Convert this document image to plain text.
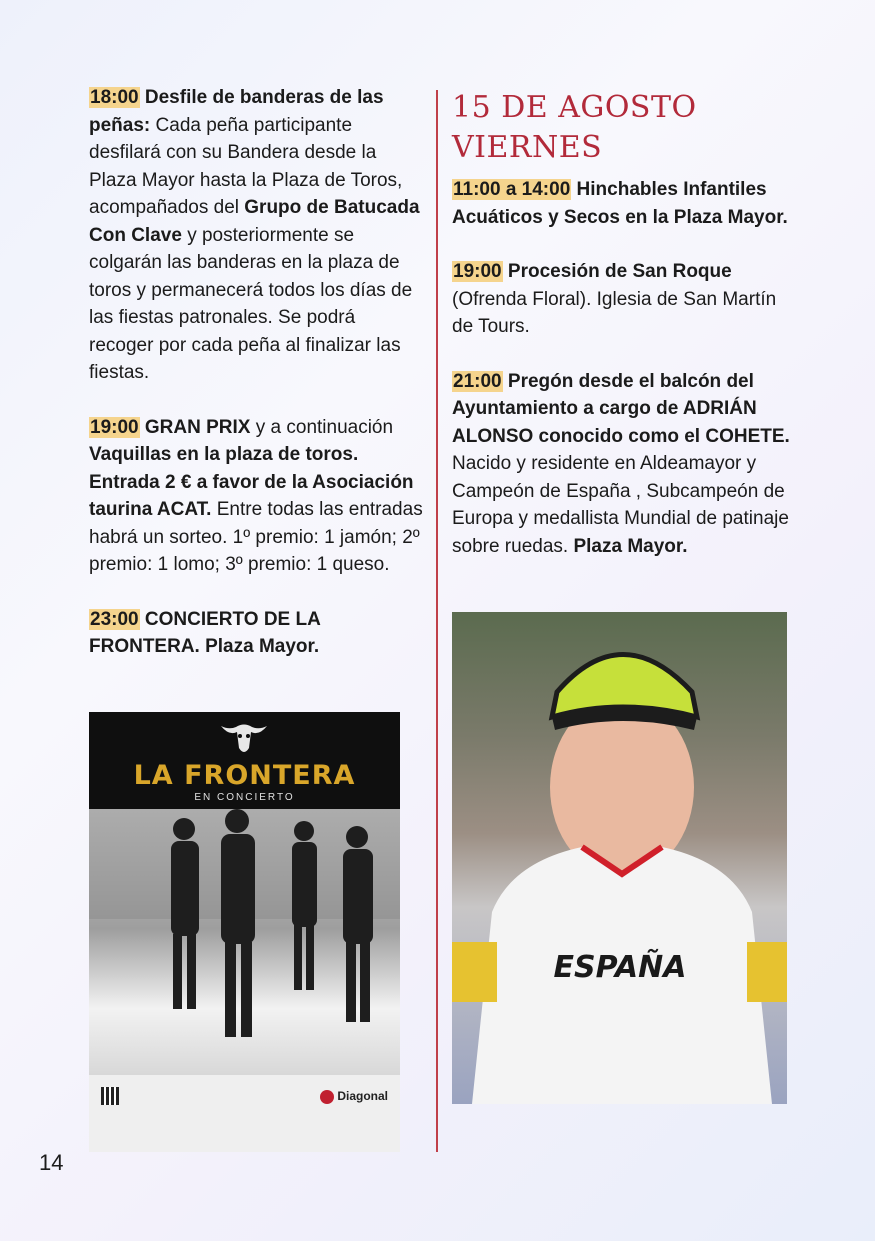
18:00 Desfile de banderas de las peñas: Cada peña participante desfilará con su Bandera desde la Plaza Mayor hasta la Plaza de Toros, acompañados del Grupo de Batucada Con Clave y posteriormente se colgarán las banderas en la plaza de toros y permanecerá todos los días de las fiestas patronales. Se podrá recoger por cada peña al finalizar las fiestas.

19:00 GRAN PRIX y a continuación Vaquillas en la plaza de toros. Entrada 2 € a favor de la Asociación taurina ACAT. Entre todas las entradas habrá un sorteo. 1º premio: 1 jamón; 2º premio: 1 lomo; 3º premio: 1 queso.

23:00 CONCIERTO DE LA FRONTERA. Plaza Mayor.

LA FRONTERA
EN CONCIERTO
Diagonal
15 DE AGOSTO
VIERNES

11:00 a 14:00 Hinchables Infantiles Acuáticos y Secos en la Plaza Mayor.

19:00 Procesión de San Roque (Ofrenda Floral). Iglesia de San Martín de Tours.

21:00 Pregón desde el balcón del Ayuntamiento a cargo de ADRIÁN ALONSO conocido como el COHETE. Nacido y residente en Aldeamayor y Campeón de España , Subcampeón de Europa y medallista Mundial de patinaje sobre ruedas. Plaza Mayor.

ESPAÑA
14
